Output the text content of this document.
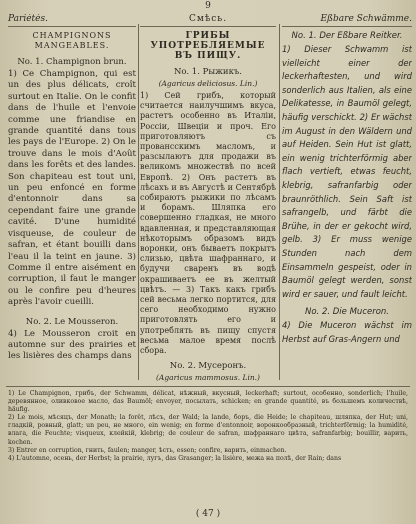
9
Pariétés.
CHAMPIGNONS MANGEABLES.
No. 1. Champignon brun.

1) Ce Champignon, qui est un des plus délicats, croît surtout en Italie. On le confit dans de l'huile et l'envoie comme une friandise en grande quantité dans tous les pays de l'Europe. 2) On le trouve dans le mois d'Août dans les forêts et des landes. Son chapiteau est tout uni, un peu enfoncé en forme d'entonnoir dans sa cependant faire une grande cavité. D'une humidité visqueuse, de couleur de safran, et étant bouilli dans l'eau il la teint en jaune. 3) Comme il entre aisément en corruption, il faut le manger ou le confire peu d'heures après l'avoir cueilli.

No. 2. Le Mousseron.

4) Le Mousseron croit en automne sur des prairies et les lisières des champs dans

Смѣсь.
ГРИБЫ УПОТРЕБЛЯЕМЫЕ ВЪ ПИЩУ.
No. 1. Рыжикъ.
(Agaricus deliciosus. Lin.)

1) Сей грибъ, который считается наилучшимъ вкуса, растетъ особенно въ Италіи, Россіи, Швеціи и проч. Его приготовляютъ съ провансскимъ масломъ, и разсылаютъ для продажи въ великомъ множествѣ по всей Европѣ. 2) Онъ растетъ въ лѣсахъ и въ Августѣ и Сентябрѣ собираютъ рыжики по лѣсамъ и борамъ. Шляпка его совершенно гладкая, не много вдавленная, и представляющая нѣкоторымъ образомъ видъ воронки, онъ бываетъ покрытъ слизью, цвѣта шафраннаго, и будучи сваренъ въ водѣ окрашиваетъ ее въ желтый цвѣтъ. — 3) Такъ какъ грибъ сей весьма легко портится, для сего необходимо нужно приготовлять его и употреблять въ пищу спустя весьма малое время послѣ сбора.

No. 2. Мусеронъ.
(Agaricus mammosus. Lin.)

Eßbare Schwämme.
No. 1. Der Eßbare Reitker.

1) Dieser Schwamm ist vielleicht einer der leckerhaftesten, und wird sonderlich aus Italien, als eine Delikatesse, in Baumöl gelegt, häufig verschickt. 2) Er wächst im August in den Wäldern und auf Heiden. Sein Hut ist glatt, ein wenig trichterförmig aber flach vertieft, etwas feucht, klebrig, safranfarbig oder braunröthlich. Sein Saft ist safrangelb, und färbt die Brühe, in der er gekocht wird, gelb. 3) Er muss wenige Stunden nach dem Einsammeln gespeist, oder in Baumöl gelegt werden, sonst wird er sauer, und fault leicht.

No. 2. Die Muceron.

4) Die Muceron wächst im Herbst auf Gras-Angern und

1) Le Champignon, грибъ, der Schwamm, délicat, нѣжный, вкусный, leckerhaft; surtout, особенно, sonderlich; l'huile, деревянное, оливковое масло, das Baumöl; envoyer, посылать, schicken; en grande quantité, въ большемъ количествѣ, häufig.

2) Le mois, мѣсяцъ, der Monath; la forêt, лѣсъ, der Wald; la lande, боръ, die Heide; le chapiteau, шляпка, der Hut; uni, гладкій, ровный, glatt; un peu, не много, ein wenig; en forme d'entonnoir, воронкообразный, trichterförmig; la humidité, влага, die Feuchte; visqueux, клейкій, klebrig; de couleur de safran, шафраннаго цвѣта, safranfarbig; bouillir, варить, kochen.

3) Entrer en corruption, гнить, faulen; manger, ѣсть, essen; confire, варить, einmachen.

4) L'automne, осень, der Herbst; la prairie, лугъ, das Grasanger; la lisière, межа на полѣ, der Rain; dans

( 47 )
